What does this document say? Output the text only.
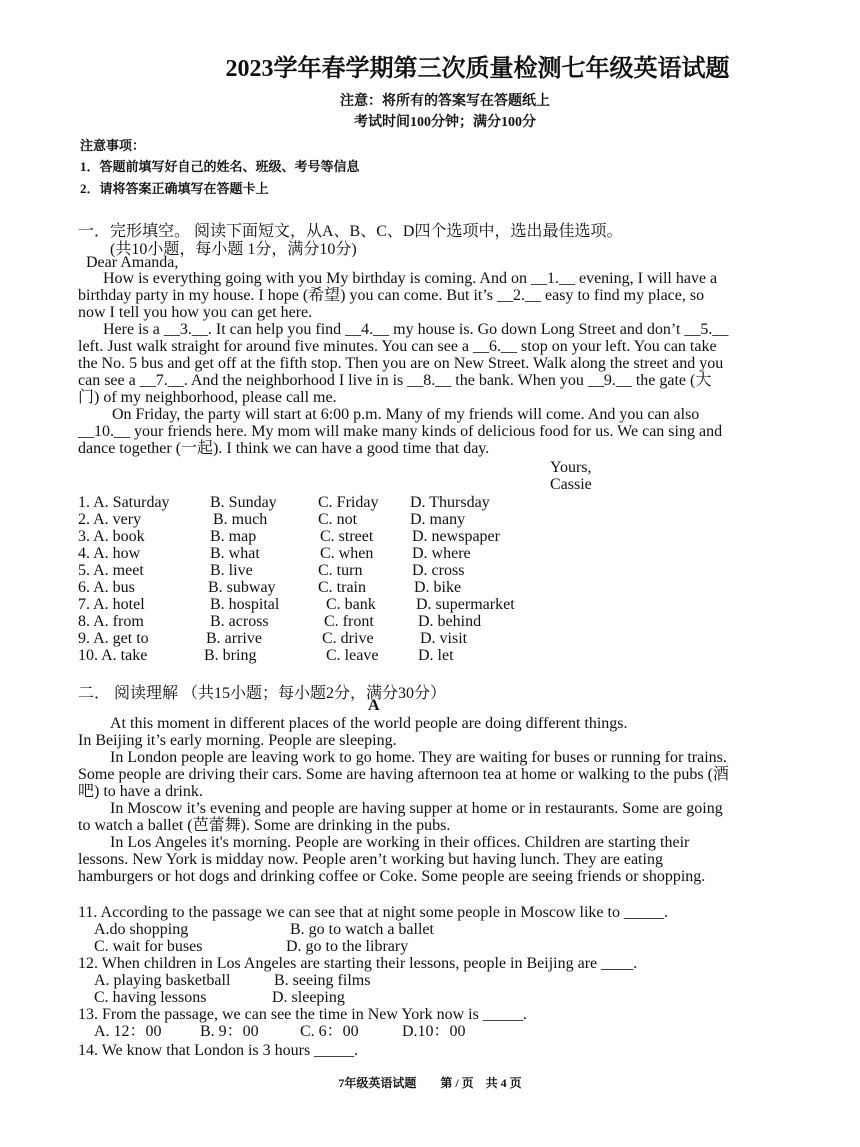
2023学年春学期第三次质量检测七年级英语试题
注意：将所有的答案写在答题纸上
考试时间100分钟；满分100分
注意事项：
1．答题前填写好自己的姓名、班级、考号等信息
2．请将答案正确填写在答题卡上
一．完形填空。 阅读下面短文，从A、B、C、D四个选项中，选出最佳选项。
(共10小题，每小题 1分，满分10分)
Dear Amanda,
How is everything going with you My birthday is coming. And on __1.__ evening, I will have a
birthday party in my house. I hope (希望) you can come. But it’s __2.__ easy to find my place, so
now I tell you how you can get here.
Here is a __3.__. It can help you find __4.__ my house is. Go down Long Street and don’t __5.__
left. Just walk straight for around five minutes. You can see a __6.__ stop on your left. You can take
the No. 5 bus and get off at the fifth stop. Then you are on New Street. Walk along the street and you
can see a __7.__. And the neighborhood I live in is __8.__ the bank. When you __9.__ the gate (大
门) of my neighborhood, please call me.
On Friday, the party will start at 6:00 p.m. Many of my friends will come. And you can also
__10.__ your friends here. My mom will make many kinds of delicious food for us. We can sing and
dance together (一起). I think we can have a good time that day.
Yours,
Cassie
1. A. Saturday	B. Sunday	C. Friday D. Thursday
2. A. very	B. much	C. not	D. many
3. A. book	B. map	C. street D. newspaper
4. A. how	B. what	C. when D. where
5. A. meet	B. live	C. turn	D. cross
6. A. bus	B. subway	C. train	D. bike
7. A. hotel	B. hospital	C. bank	D. supermarket
8. A. from	B. across	C. front	D. behind
9. A. get to	B. arrive	C. drive	D. visit
10. A. take	B. bring	C. leave D. let
二． 阅读理解 （共15小题；每小题2分，满分30分）
A
At this moment in different places of the world people are doing different things.
In Beijing it’s early morning. People are sleeping.
In London people are leaving work to go home. They are waiting for buses or running for trains.
Some people are driving their cars. Some are having afternoon tea at home or walking to the pubs (酒
吧) to have a drink.
In Moscow it’s evening and people are having supper at home or in restaurants. Some are going
to watch a ballet (芭蕾舞). Some are drinking in the pubs.
In Los Angeles it's morning. People are working in their offices. Children are starting their
lessons. New York is midday now. People aren’t working but having lunch. They are eating
hamburgers or hot dogs and drinking coffee or Coke. Some people are seeing friends or shopping.
11. According to the passage we can see that at night some people in Moscow like to _____.
A.do shopping	B. go to watch a ballet
C. wait for buses	D. go to the library
12. When children in Los Angeles are starting their lessons, people in Beijing are ____.
A. playing basketball	B. seeing films
C. having lessons	D. sleeping
13. From the passage, we can see the time in New York now is _____.
A. 12：00 B. 9：00	C. 6：00	D.10：00
14. We know that London is 3 hours _____.
7年级英语试题　　第 / 页　共 4 页
